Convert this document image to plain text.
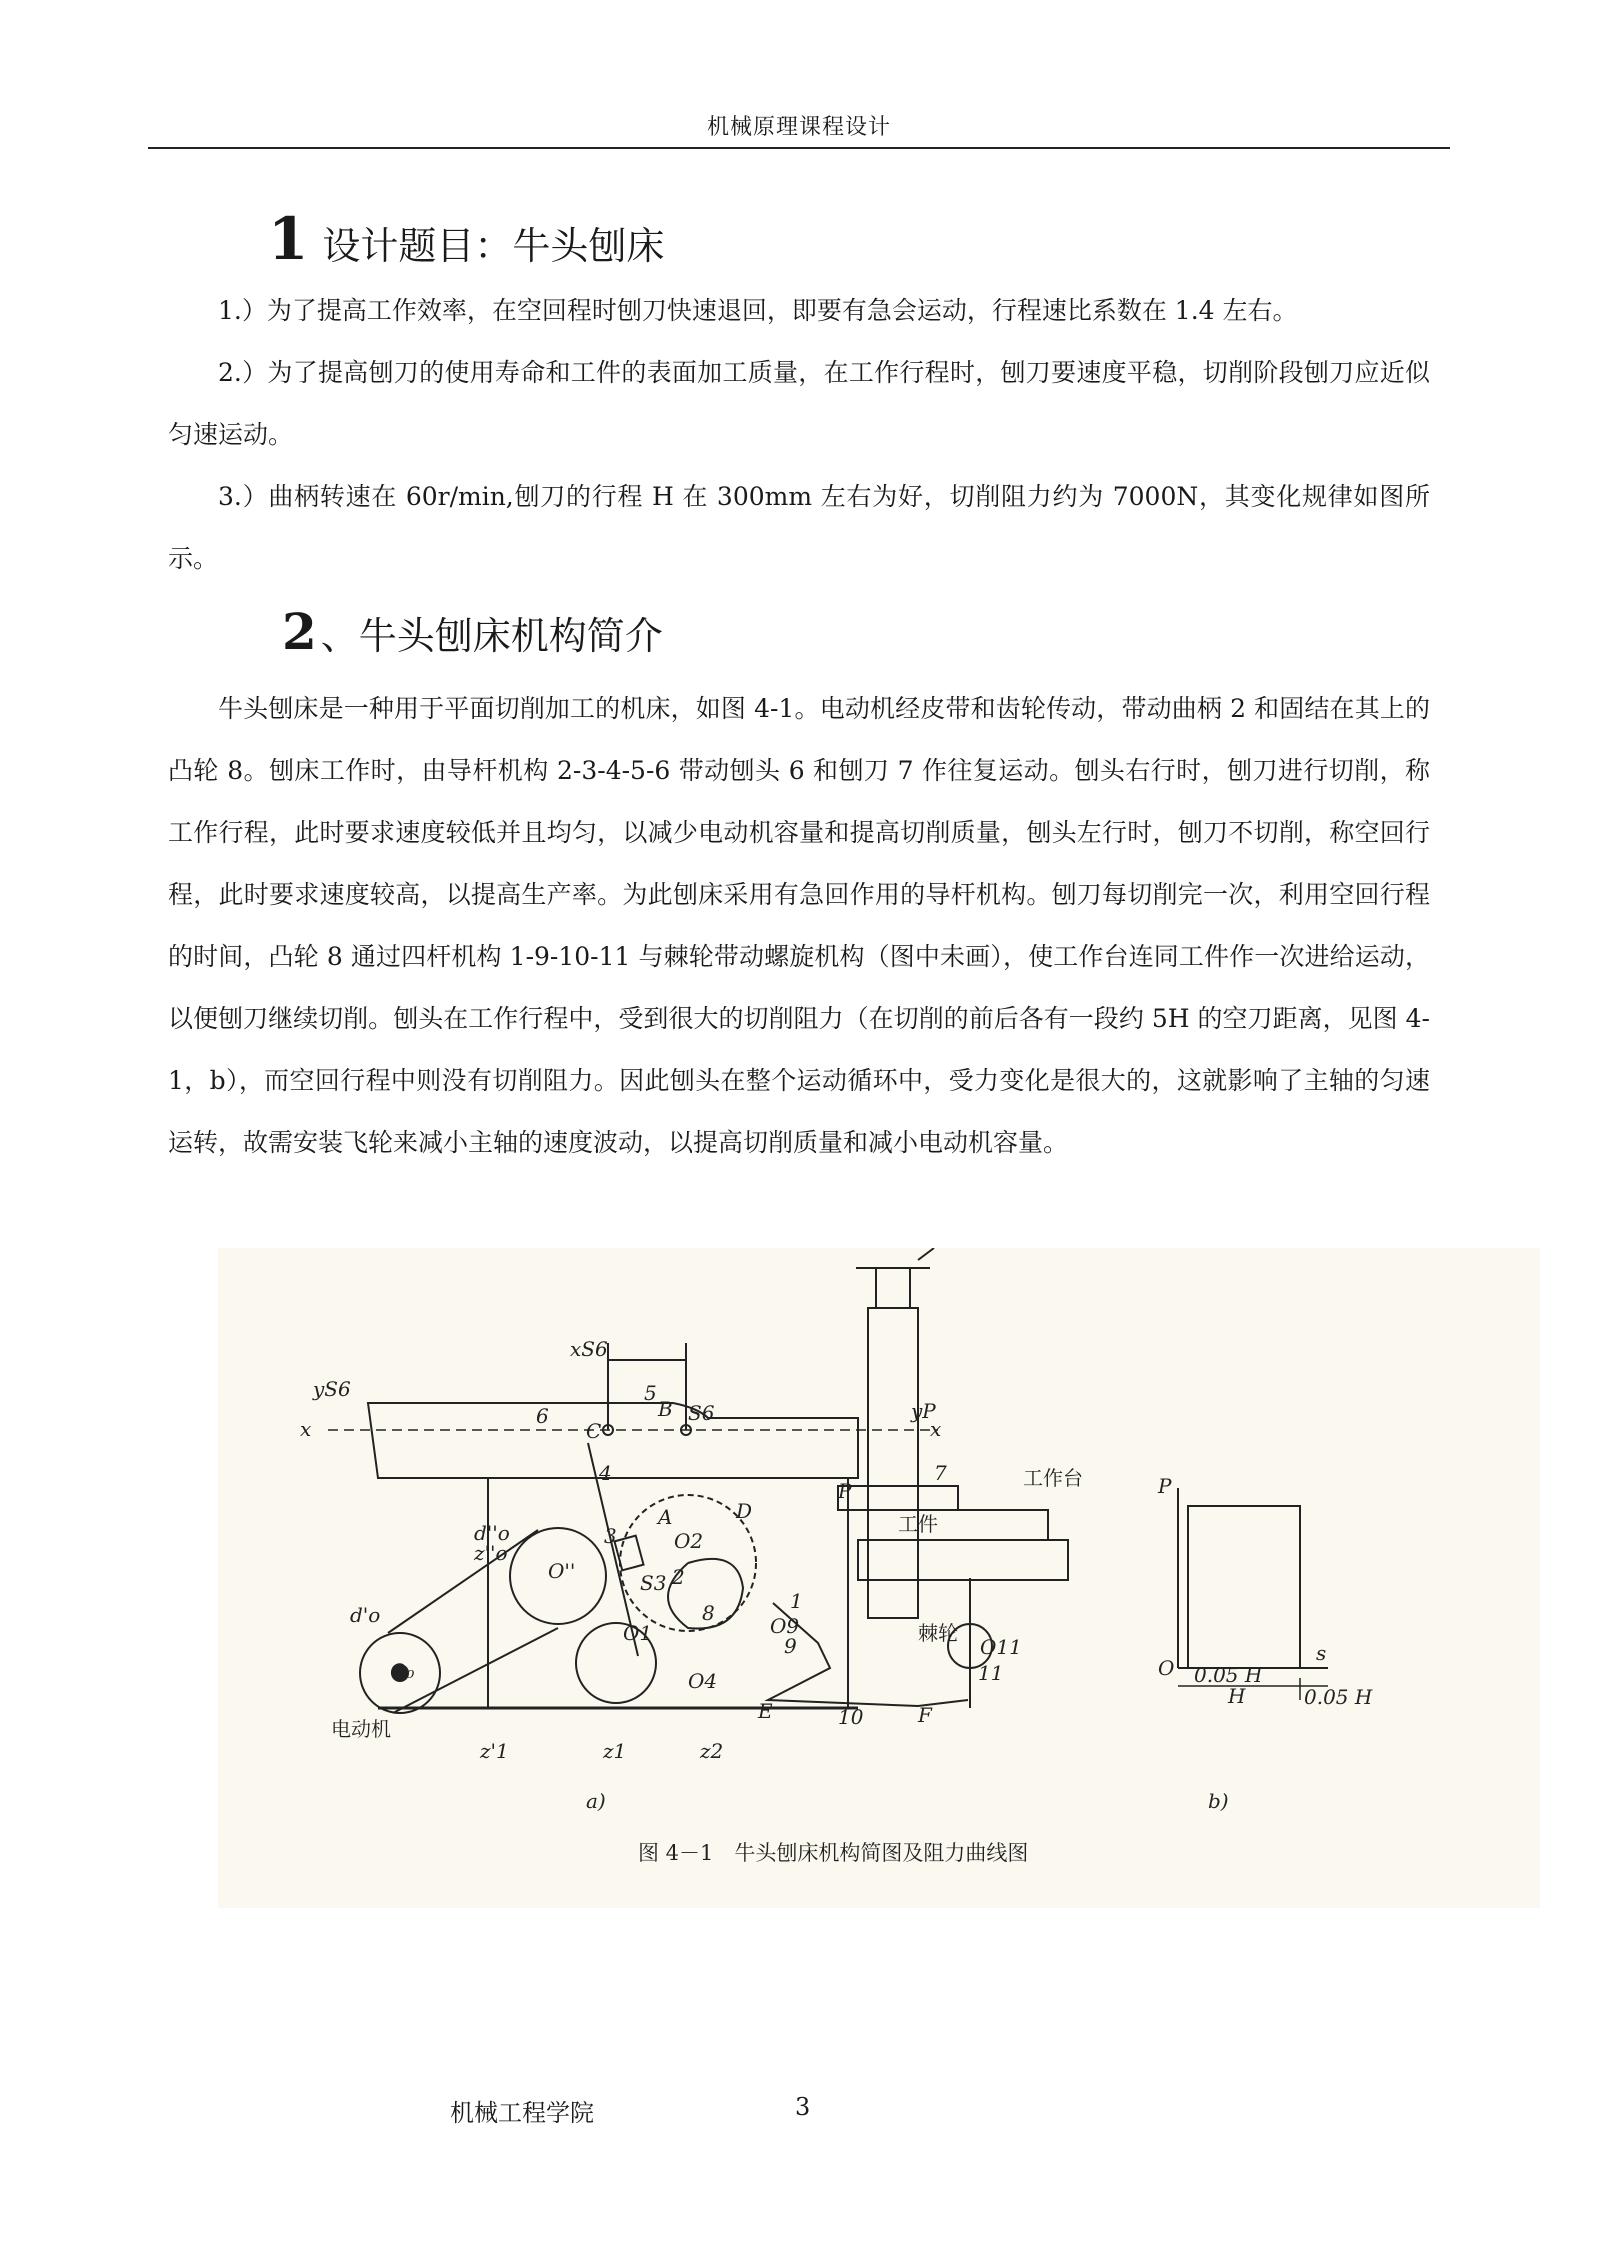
机械原理课程设计
1 设计题目：牛头刨床
1.）为了提高工作效率，在空回程时刨刀快速退回，即要有急会运动，行程速比系数在 1.4 左右。
2.）为了提高刨刀的使用寿命和工件的表面加工质量，在工作行程时，刨刀要速度平稳，切削阶段刨刀应近似匀速运动。
3.）曲柄转速在 60r/min,刨刀的行程 H 在 300mm 左右为好，切削阻力约为 7000N，其变化规律如图所示。
2 、牛头刨床机构简介
牛头刨床是一种用于平面切削加工的机床，如图 4-1。电动机经皮带和齿轮传动，带动曲柄 2 和固结在其上的凸轮 8。刨床工作时，由导杆机构 2-3-4-5-6 带动刨头 6 和刨刀 7 作往复运动。刨头右行时，刨刀进行切削，称工作行程，此时要求速度较低并且均匀，以减少电动机容量和提高切削质量，刨头左行时，刨刀不切削，称空回行程，此时要求速度较高，以提高生产率。为此刨床采用有急回作用的导杆机构。刨刀每切削完一次，利用空回行程的时间，凸轮 8 通过四杆机构 1-9-10-11 与棘轮带动螺旋机构（图中未画），使工作台连同工件作一次进给运动，以便刨刀继续切削。刨头在工作行程中，受到很大的切削阻力（在切削的前后各有一段约 5H 的空刀距离，见图 4-1，b），而空回行程中则没有切削阻力。因此刨头在整个运动循环中，受力变化是很大的，这就影响了主轴的匀速运转，故需安装飞轮来减小主轴的速度波动，以提高切削质量和减小电动机容量。
xS6
yS6
yP
x	x
C
B S6
6
5
4
3
7
A
O2
D
1
8
O9
9	O11
11
E	F
10
O4
O1
O''
O₀
P
S3 2
d''o
z''o
d'o
z'1	z1	z2
工作台
工件
棘轮
电动机
a)	b)
P
s
O 0.05 H
0.05 H
H
图 4－1　牛头刨床机构简图及阻力曲线图
机械工程学院	3
